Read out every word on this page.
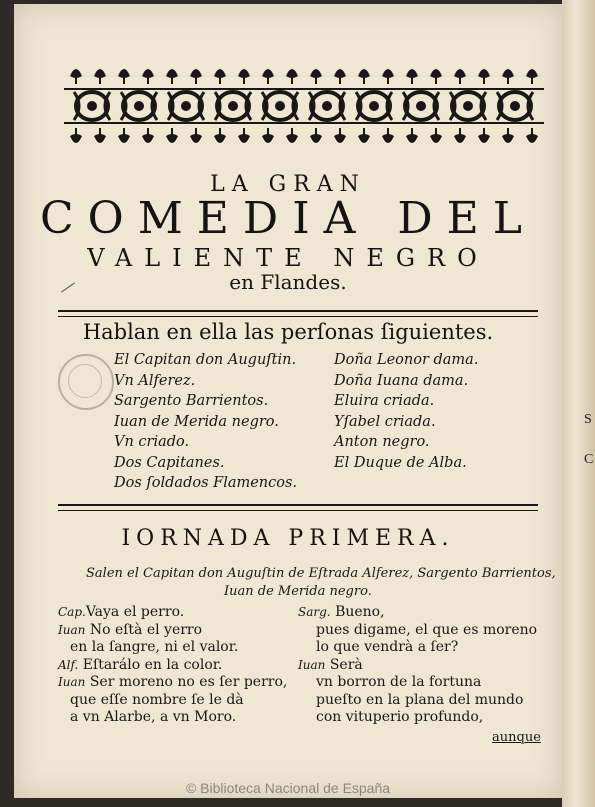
S
C
LA GRAN
COMEDIA DEL
VALIENTE NEGRO
en Flandes.
Hablan en ella las perſonas ſiguientes.
El Capitan don Auguſtin.
Vn Alferez.
Sargento Barrientos.
Iuan de Merida negro.
Vn criado.
Dos Capitanes.
Dos ſoldados Flamencos.
Doña Leonor dama.
Doña Iuana dama.
Eluira criada.
Yſabel criada.
Anton negro.
El Duque de Alba.
IORNADA PRIMERA.
Salen el Capitan don Auguſtin de Eſtrada Alferez, Sargento Barrientos,
Iuan de Merida negro.
Cap.Vaya el perro.
Iuan No eſtà el yerro
en la ſangre, ni el valor.
Alf. Eſtarálo en la color.
Iuan Ser moreno no es ſer perro,
que eſſe nombre ſe le dà
a vn Alarbe, a vn Moro.
Sarg. Bueno,
pues digame, el que es moreno
lo que vendrà a ſer?
Iuan Serà
vn borron de la fortuna
pueſto en la plana del mundo
con vituperio profundo,
aunque
© Biblioteca Nacional de España
